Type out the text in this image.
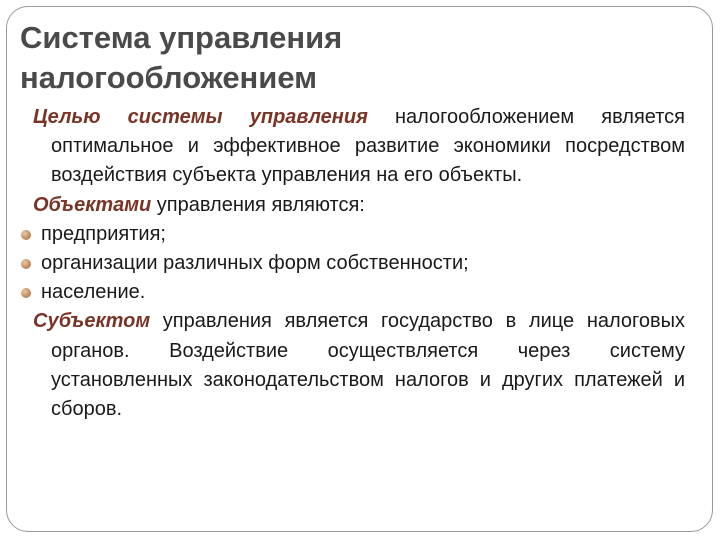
Система управления налогообложением

Целью системы управления налогообложением является оптимальное и эффективное развитие экономики посредством воздействия субъекта управления на его объекты.

Объектами управления являются:

предприятия;
организации различных форм собственности;
население.

Субъектом управления является государство в лице налоговых органов. Воздействие осуществляется через систему установленных законодательством налогов и других платежей и сборов.
